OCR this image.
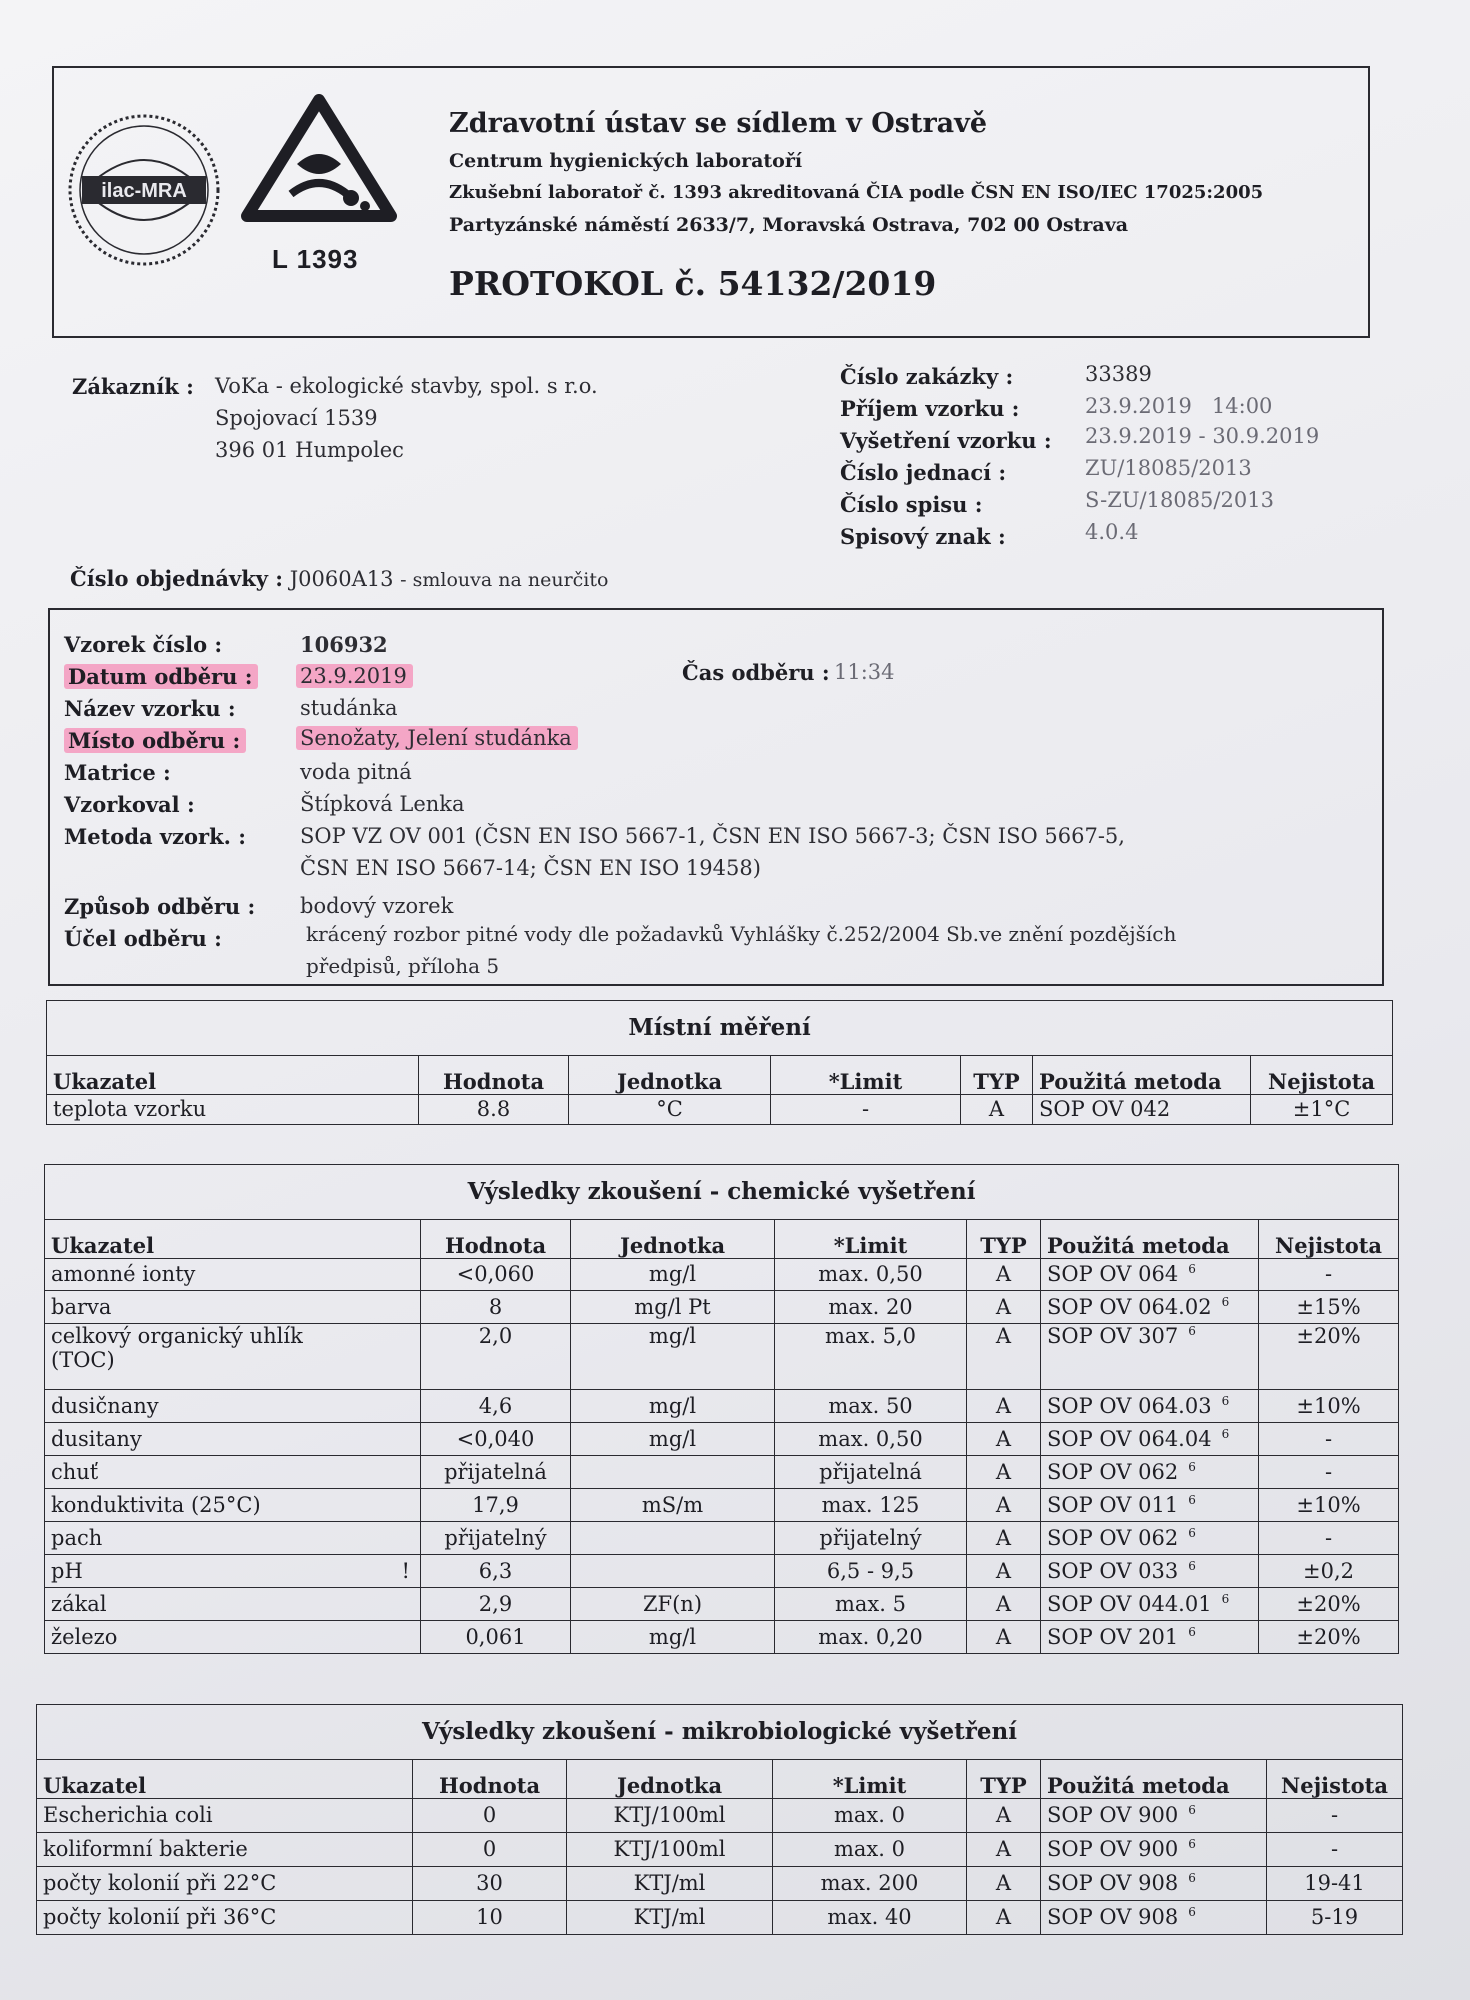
ilac-MRA
L 1393
Zdravotní ústav se sídlem v Ostravě
Centrum hygienických laboratoří
Zkušební laboratoř č. 1393 akreditovaná ČIA podle ČSN EN ISO/IEC 17025:2005
Partyzánské náměstí 2633/7, Moravská Ostrava, 702 00 Ostrava
PROTOKOL č. 54132/2019
Zákazník : VoKa - ekologické stavby, spol. s r.o.
Spojovací 1539
396 01 Humpolec
Číslo zakázky :	33389
Příjem vzorku :	23.9.2019   14:00
Vyšetření vzorku : 23.9.2019 - 30.9.2019
Číslo jednací :	ZU/18085/2013
Číslo spisu :	S-ZU/18085/2013
Spisový znak :	4.0.4
Číslo objednávky : J0060A13 - smlouva na neurčito
Vzorek číslo :	106932
Datum odběru : 23.9.2019	Čas odběru : 11:34
Název vzorku :	studánka
Místo odběru :	Senožaty, Jelení studánka
Matrice :	voda pitná
Vzorkoval :	Štípková Lenka
Metoda vzork. :	SOP VZ OV 001 (ČSN EN ISO 5667-1, ČSN EN ISO 5667-3; ČSN ISO 5667-5,
ČSN EN ISO 5667-14; ČSN EN ISO 19458)
Způsob odběru : bodový vzorek
Účel odběru :	krácený rozbor pitné vody dle požadavků Vyhlášky č.252/2004 Sb.ve znění pozdějších
předpisů, příloha 5
Místní měření						
Ukazatel	Hodnota	Jednotka	*Limit	TYP	Použitá metoda	Nejistota
teplota vzorku	8.8	°C	-	A	SOP OV 042	±1°C
Výsledky zkoušení - chemické vyšetření						
Ukazatel	Hodnota	Jednotka	*Limit	TYP	Použitá metoda	Nejistota
amonné ionty	<0,060	mg/l	max. 0,50	A	SOP OV 064 $^6$	-
barva	8	mg/l Pt	max. 20	A	SOP OV 064.02 $^6$	±15%
celkový organický uhlík
(TOC)	2,0	mg/l	max. 5,0	A	SOP OV 307 $^6$	±20%
dusičnany	4,6	mg/l	max. 50	A	SOP OV 064.03 $^6$	±10%
dusitany	<0,040	mg/l	max. 0,50	A	SOP OV 064.04 $^6$	-
chuť	přijatelná		přijatelná	A	SOP OV 062 $^6$	-
konduktivita (25°C)	17,9	mS/m	max. 125	A	SOP OV 011 $^6$	±10%
pach	přijatelný		přijatelný	A	SOP OV 062 $^6$	-
pH !	6,3		6,5 - 9,5	A	SOP OV 033 $^6$	±0,2
zákal	2,9	ZF(n)	max. 5	A	SOP OV 044.01 $^6$	±20%
železo	0,061	mg/l	max. 0,20	A	SOP OV 201 $^6$	±20%
Výsledky zkoušení - mikrobiologické vyšetření						
Ukazatel	Hodnota	Jednotka	*Limit	TYP	Použitá metoda	Nejistota
Escherichia coli	0	KTJ/100ml	max. 0	A	SOP OV 900 $^6$	-
koliformní bakterie	0	KTJ/100ml	max. 0	A	SOP OV 900 $^6$	-
počty kolonií při 22°C	30	KTJ/ml	max. 200	A	SOP OV 908 $^6$	19-41
počty kolonií při 36°C	10	KTJ/ml	max. 40	A	SOP OV 908 $^6$	5-19
